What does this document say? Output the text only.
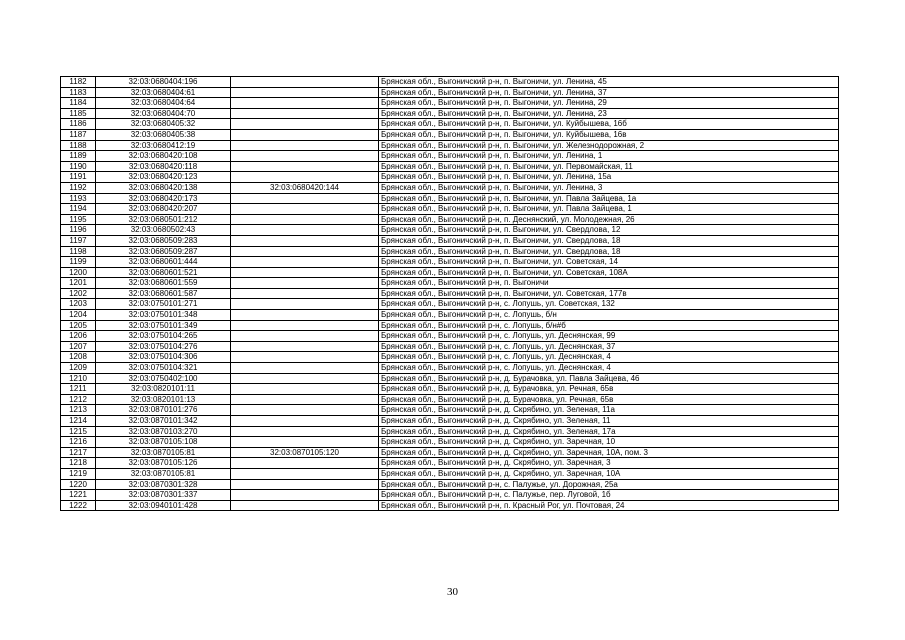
1182	32:03:0680404:196		Брянская обл., Выгоничский р-н, п. Выгоничи, ул. Ленина, 45
1183	32:03:0680404:61		Брянская обл., Выгоничский р-н, п. Выгоничи, ул. Ленина, 37
1184	32:03:0680404:64		Брянская обл., Выгоничский р-н, п. Выгоничи, ул. Ленина, 29
1185	32:03:0680404:70		Брянская обл., Выгоничский р-н, п. Выгоничи, ул. Ленина, 23
1186	32:03:0680405:32		Брянская обл., Выгоничский р-н, п. Выгоничи, ул. Куйбышева, 16б
1187	32:03:0680405:38		Брянская обл., Выгоничский р-н, п. Выгоничи, ул. Куйбышева, 16в
1188	32:03:0680412:19		Брянская обл., Выгоничский р-н, п. Выгоничи, ул. Железнодорожная, 2
1189	32:03:0680420:108		Брянская обл., Выгоничский р-н, п. Выгоничи, ул. Ленина, 1
1190	32:03:0680420:118		Брянская обл., Выгоничский р-н, п. Выгоничи, ул. Первомайская, 11
1191	32:03:0680420:123		Брянская обл., Выгоничский р-н, п. Выгоничи, ул. Ленина, 15а
1192	32:03:0680420:138	32:03:0680420:144	Брянская обл., Выгоничский р-н, п. Выгоничи, ул. Ленина, 3
1193	32:03:0680420:173		Брянская обл., Выгоничский р-н, п. Выгоничи, ул. Павла Зайцева, 1а
1194	32:03:0680420:207		Брянская обл., Выгоничский р-н, п. Выгоничи, ул. Павла Зайцева, 1
1195	32:03:0680501:212		Брянская обл., Выгоничский р-н, п. Деснянский, ул. Молодежная, 26
1196	32:03:0680502:43		Брянская обл., Выгоничский р-н, п. Выгоничи, ул. Свердлова, 12
1197	32:03:0680509:283		Брянская обл., Выгоничский р-н, п. Выгоничи, ул. Свердлова, 18
1198	32:03:0680509:287		Брянская обл., Выгоничский р-н, п. Выгоничи, ул. Свердлова, 18
1199	32:03:0680601:444		Брянская обл., Выгоничский р-н, п. Выгоничи, ул. Советская, 14
1200	32:03:0680601:521		Брянская обл., Выгоничский р-н, п. Выгоничи, ул. Советская, 108А
1201	32:03:0680601:559		Брянская обл., Выгоничский р-н, п. Выгоничи
1202	32:03:0680601:587		Брянская обл., Выгоничский р-н, п. Выгоничи, ул. Советская, 177в
1203	32:03:0750101:271		Брянская обл., Выгоничский р-н, с. Лопушь, ул. Советская, 132
1204	32:03:0750101:348		Брянская обл., Выгоничский р-н, с. Лопушь, б/н
1205	32:03:0750101:349		Брянская обл., Выгоничский р-н, с. Лопушь, б/н#б
1206	32:03:0750104:265		Брянская обл., Выгоничский р-н, с. Лопушь, ул. Деснянская, 99
1207	32:03:0750104:276		Брянская обл., Выгоничский р-н, с. Лопушь, ул. Деснянская, 37
1208	32:03:0750104:306		Брянская обл., Выгоничский р-н, с. Лопушь, ул. Деснянская, 4
1209	32:03:0750104:321		Брянская обл., Выгоничский р-н, с. Лопушь, ул. Деснянская, 4
1210	32:03:0750402:100		Брянская обл., Выгоничский р-н, д. Бурачовка, ул. Павла Зайцева, 46
1211	32:03:0820101:11		Брянская обл., Выгоничский р-н, д. Бурачовка, ул. Речная, 65в
1212	32:03:0820101:13		Брянская обл., Выгоничский р-н, д. Бурачовка, ул. Речная, 65в
1213	32:03:0870101:276		Брянская обл., Выгоничский р-н, д. Скрябино, ул. Зеленая, 11а
1214	32:03:0870101:342		Брянская обл., Выгоничский р-н, д. Скрябино, ул. Зеленая, 11
1215	32:03:0870103:270		Брянская обл., Выгоничский р-н, д. Скрябино, ул. Зеленая, 17а
1216	32:03:0870105:108		Брянская обл., Выгоничский р-н, д. Скрябино, ул. Заречная, 10
1217	32:03:0870105:81	32:03:0870105:120	Брянская обл., Выгоничский р-н, д. Скрябино, ул. Заречная, 10А, пом. 3
1218	32:03:0870105:126		Брянская обл., Выгоничский р-н, д. Скрябино, ул. Заречная, 3
1219	32:03:0870105:81		Брянская обл., Выгоничский р-н, д. Скрябино, ул. Заречная, 10А
1220	32:03:0870301:328		Брянская обл., Выгоничский р-н, с. Палужье, ул. Дорожная, 25а
1221	32:03:0870301:337		Брянская обл., Выгоничский р-н, с. Палужье, пер. Луговой, 1б
1222	32:03:0940101:428		Брянская обл., Выгоничский р-н, п. Красный Рог, ул. Почтовая, 24
30
